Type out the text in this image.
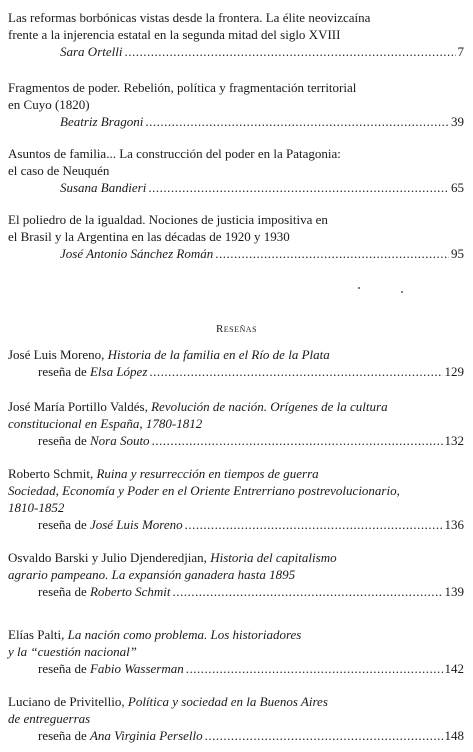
Las reformas borbónicas vistas desde la frontera. La élite neovizcaína
frente a la injerencia estatal en la segunda mitad del siglo XVIII
Sara Ortelli .....	7
Fragmentos de poder. Rebelión, política y fragmentación territorial
en Cuyo (1820)
Beatriz Bragoni .....	39
Asuntos de familia... La construcción del poder en la Patagonia:
el caso de Neuquén
Susana Bandieri .....	65
El poliedro de la igualdad. Nociones de justicia impositiva en
el Brasil y la Argentina en las décadas de 1920 y 1930
José Antonio Sánchez Román .....	95
Reseñas
José Luis Moreno, Historia de la familia en el Río de la Plata
reseña de
Elsa López .....	129
José María Portillo Valdés, Revolución de nación. Orígenes de la cultura
constitucional en España, 1780-1812
reseña de
Nora Souto .....	132
Roberto Schmit, Ruina y resurrección en tiempos de guerra
Sociedad, Economía y Poder en el Oriente Entrerriano postrevolucionario,
1810-1852
reseña de
José Luis Moreno .....	136
Osvaldo Barski y Julio Djenderedjian, Historia del capitalismo
agrario pampeano. La expansión ganadera hasta 1895
reseña de
Roberto Schmit .....	139
Elías Palti, La nación como problema. Los historiadores
y la “cuestión nacional”
reseña de
Fabio Wasserman .....	142
Luciano de Privitellio, Política y sociedad en la Buenos Aires
de entreguerras
reseña de
Ana Virginia Persello .....	148
